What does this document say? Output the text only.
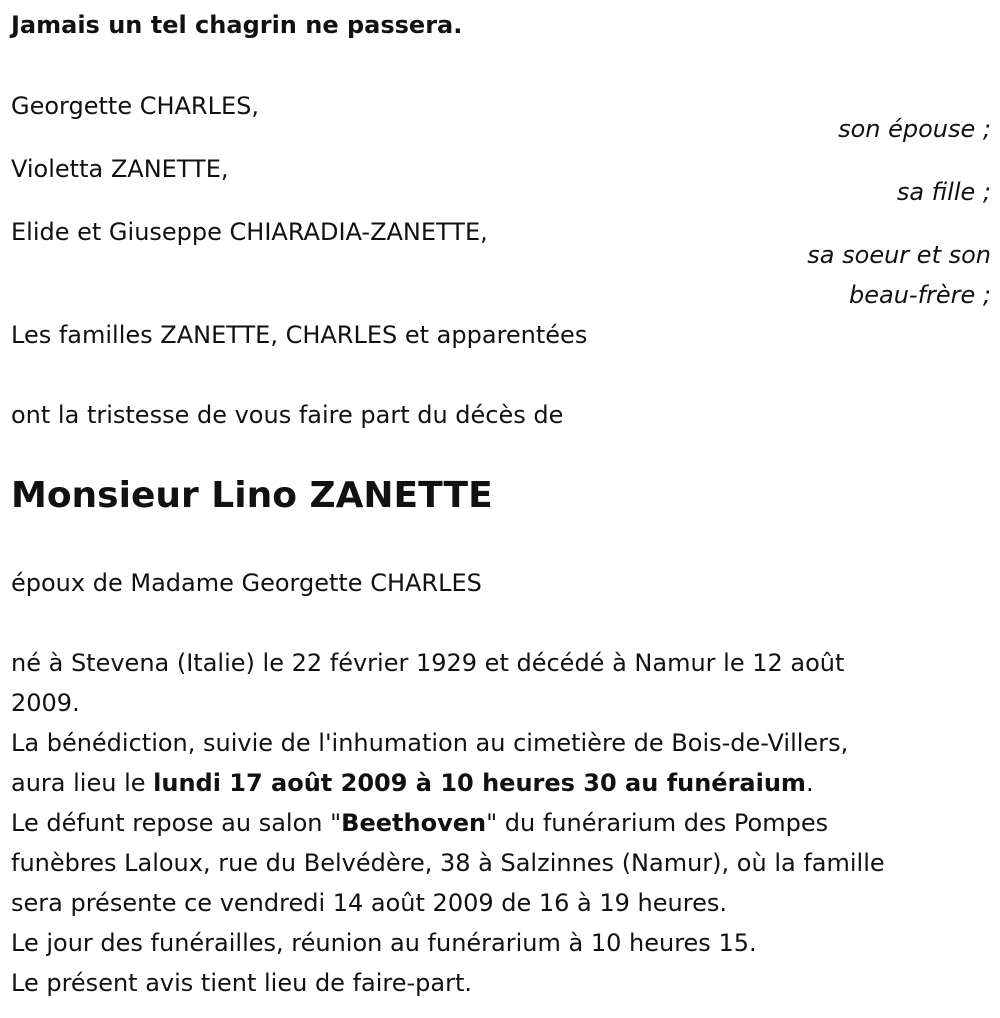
Jamais un tel chagrin ne passera.
Georgette CHARLES,
son épouse ;
Violetta ZANETTE,
sa fille ;
Elide et Giuseppe CHIARADIA-ZANETTE,
sa soeur et son
beau-frère ;
Les familles ZANETTE, CHARLES et apparentées
ont la tristesse de vous faire part du décès de
Monsieur Lino ZANETTE
époux de Madame Georgette CHARLES

né à Stevena (Italie) le 22 février 1929 et décédé à Namur le 12 août

2009.

La bénédiction, suivie de l'inhumation au cimetière de Bois-de-Villers,

aura lieu le lundi 17 août 2009 à 10 heures 30 au funéraium.

Le défunt repose au salon "Beethoven" du funérarium des Pompes

funèbres Laloux, rue du Belvédère, 38 à Salzinnes (Namur), où la famille

sera présente ce vendredi 14 août 2009 de 16 à 19 heures.

Le jour des funérailles, réunion au funérarium à 10 heures 15.

Le présent avis tient lieu de faire-part.
